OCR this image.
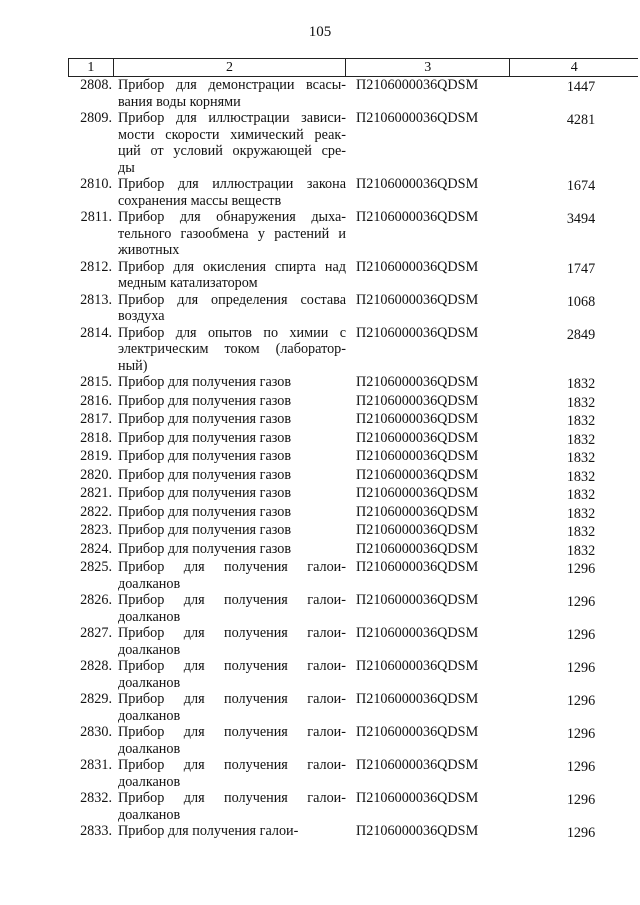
105
1	2	3	4
2808. Прибор для демонстрации всасы-
вания воды корнями
П2106000036QDSM	1447
2809. Прибор для иллюстрации зависи-
мости скорости химический реак-
ций от условий окружающей сре-
ды
П2106000036QDSM	4281
2810. Прибор для иллюстрации закона
сохранения массы веществ
П2106000036QDSM	1674
2811. Прибор для обнаружения дыха-
тельного газообмена у растений и
животных
П2106000036QDSM	3494
2812. Прибор для окисления спирта над
медным катализатором
П2106000036QDSM	1747
2813. Прибор для определения состава
воздуха
П2106000036QDSM	1068
2814. Прибор для опытов по химии с
электрическим током (лаборатор-
ный)
П2106000036QDSM	2849
2815. Прибор для получения газов	П2106000036QDSM	1832
2816. Прибор для получения газов	П2106000036QDSM	1832
2817. Прибор для получения газов	П2106000036QDSM	1832
2818. Прибор для получения газов	П2106000036QDSM	1832
2819. Прибор для получения газов	П2106000036QDSM	1832
2820. Прибор для получения газов	П2106000036QDSM	1832
2821. Прибор для получения газов	П2106000036QDSM	1832
2822. Прибор для получения газов	П2106000036QDSM	1832
2823. Прибор для получения газов	П2106000036QDSM	1832
2824. Прибор для получения газов	П2106000036QDSM	1832
2825. Прибор для получения галои-
доалканов
П2106000036QDSM	1296
2826. Прибор для получения галои-
доалканов
П2106000036QDSM	1296
2827. Прибор для получения галои-
доалканов
П2106000036QDSM	1296
2828. Прибор для получения галои-
доалканов
П2106000036QDSM	1296
2829. Прибор для получения галои-
доалканов
П2106000036QDSM	1296
2830. Прибор для получения галои-
доалканов
П2106000036QDSM	1296
2831. Прибор для получения галои-
доалканов
П2106000036QDSM	1296
2832. Прибор для получения галои-
доалканов
П2106000036QDSM	1296
2833. Прибор для получения галои-	П2106000036QDSM	1296
